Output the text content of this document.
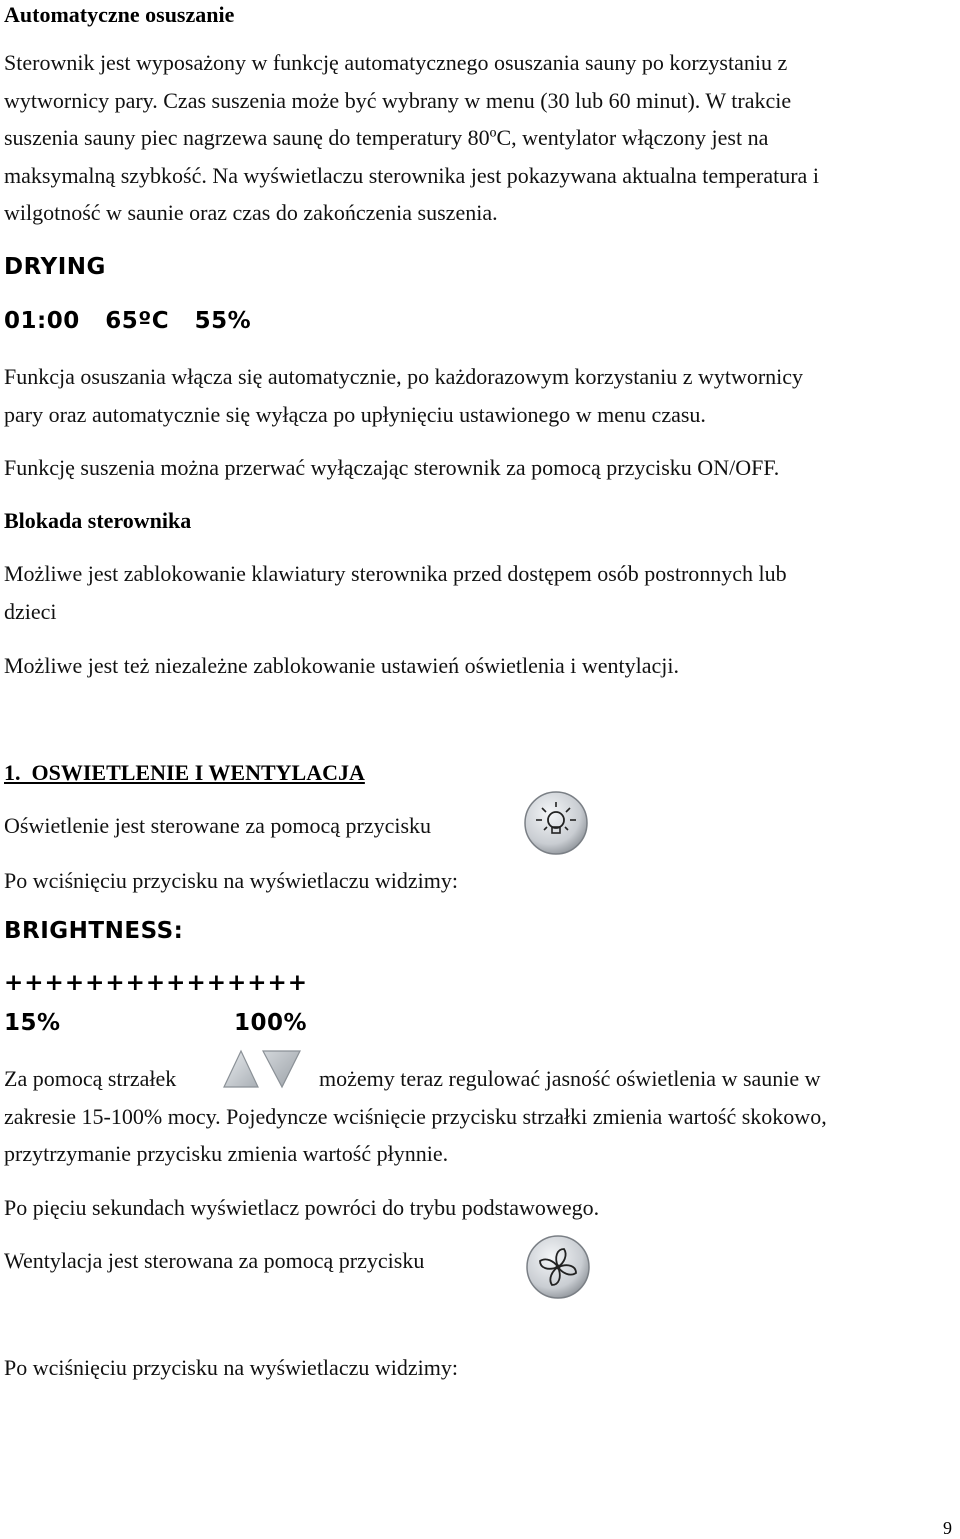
Automatyczne osuszanie
Sterownik jest wyposażony w funkcję automatycznego osuszania sauny po korzystaniu z
wytwornicy pary. Czas suszenia może być wybrany w menu (30 lub 60 minut). W trakcie
suszenia sauny piec nagrzewa saunę do temperatury 80ºC, wentylator włączony jest na
maksymalną szybkość. Na wyświetlaczu sterownika jest pokazywana aktualna temperatura i
wilgotność w saunie oraz czas do zakończenia suszenia.
DRYING
01:00   65ºC   55%
Funkcja osuszania włącza się automatycznie, po każdorazowym korzystaniu z wytwornicy
pary oraz automatycznie się wyłącza po upłynięciu ustawionego w menu czasu.
Funkcję suszenia można przerwać wyłączając sterownik za pomocą przycisku ON/OFF.
Blokada sterownika
Możliwe jest zablokowanie klawiatury sterownika przed dostępem osób postronnych lub
dzieci
Możliwe jest też niezależne zablokowanie ustawień oświetlenia i wentylacji.
1.  OSWIETLENIE I WENTYLACJA
Oświetlenie jest sterowane za pomocą przycisku
Po wciśnięciu przycisku na wyświetlaczu widzimy:
BRIGHTNESS:
+++++++++++++++
15%	100%
Za pomocą strzałek	możemy teraz regulować jasność oświetlenia w saunie w
zakresie 15-100% mocy. Pojedyncze wciśnięcie przycisku strzałki zmienia wartość skokowo,
przytrzymanie przycisku zmienia wartość płynnie.
Po pięciu sekundach wyświetlacz powróci do trybu podstawowego.
Wentylacja jest sterowana za pomocą przycisku
Po wciśnięciu przycisku na wyświetlaczu widzimy:
9
